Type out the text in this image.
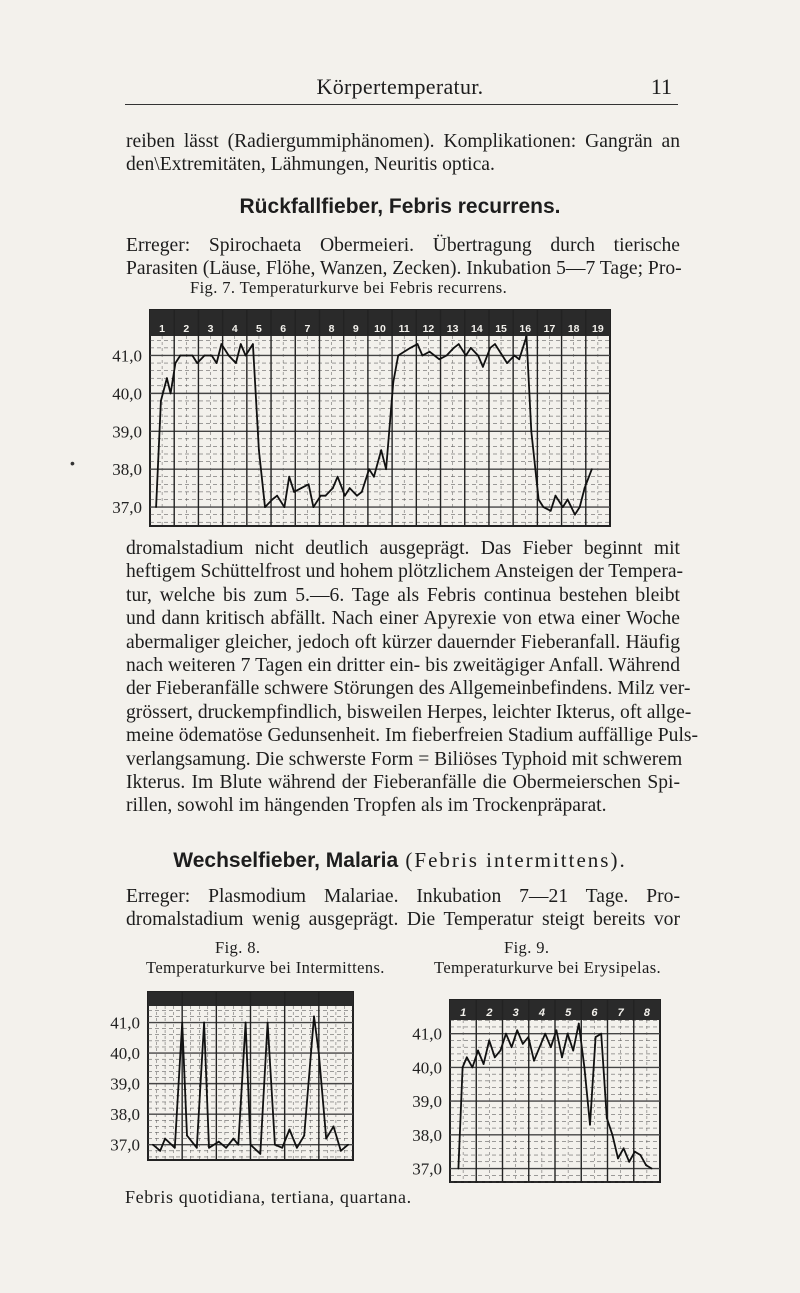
Körpertemperatur.	11
reiben lässt (Radiergummiphänomen). Komplikationen: Gangrän an
den\Extremitäten, Lähmungen, Neuritis optica.
Rückfallfieber, Febris recurrens.
Erreger: Spirochaeta Obermeieri. Übertragung durch tierische
Parasiten (Läuse, Flöhe, Wanzen, Zecken). Inkubation 5—7 Tage; Pro-
Fig. 7. Temperaturkurve bei Febris recurrens.
1 2 3 4 5 6 7 8 9 10 11 12 13 14 15 16 17 18 19
41,0
40,0
39,0
38,0
37,0
•
dromalstadium nicht deutlich ausgeprägt. Das Fieber beginnt mit
heftigem Schüttelfrost und hohem plötzlichem Ansteigen der Tempera-
tur, welche bis zum 5.—6. Tage als Febris continua bestehen bleibt
und dann kritisch abfällt. Nach einer Apyrexie von etwa einer Woche
abermaliger gleicher, jedoch oft kürzer dauernder Fieberanfall. Häufig
nach weiteren 7 Tagen ein dritter ein- bis zweitägiger Anfall. Während
der Fieberanfälle schwere Störungen des Allgemeinbefindens. Milz ver-
grössert, druckempfindlich, bisweilen Herpes, leichter Ikterus, oft allge-
meine ödematöse Gedunsenheit. Im fieberfreien Stadium auffällige Puls-
verlangsamung. Die schwerste Form = Biliöses Typhoid mit schwerem
Ikterus. Im Blute während der Fieberanfälle die Obermeierschen Spi-
rillen, sowohl im hängenden Tropfen als im Trockenpräparat.
Wechselfieber, Malaria (Febris intermittens).
Erreger: Plasmodium Malariae. Inkubation 7—21 Tage. Pro-
dromalstadium wenig ausgeprägt. Die Temperatur steigt bereits vor
Fig. 8.
Temperaturkurve bei Intermittens.
Fig. 9.
Temperaturkurve bei Erysipelas.
41,0
40,0
39,0
38,0
37,0
1 2 3 4 5 6 7 8
41,0
40,0
39,0
38,0
37,0
Febris quotidiana, tertiana, quartana.
